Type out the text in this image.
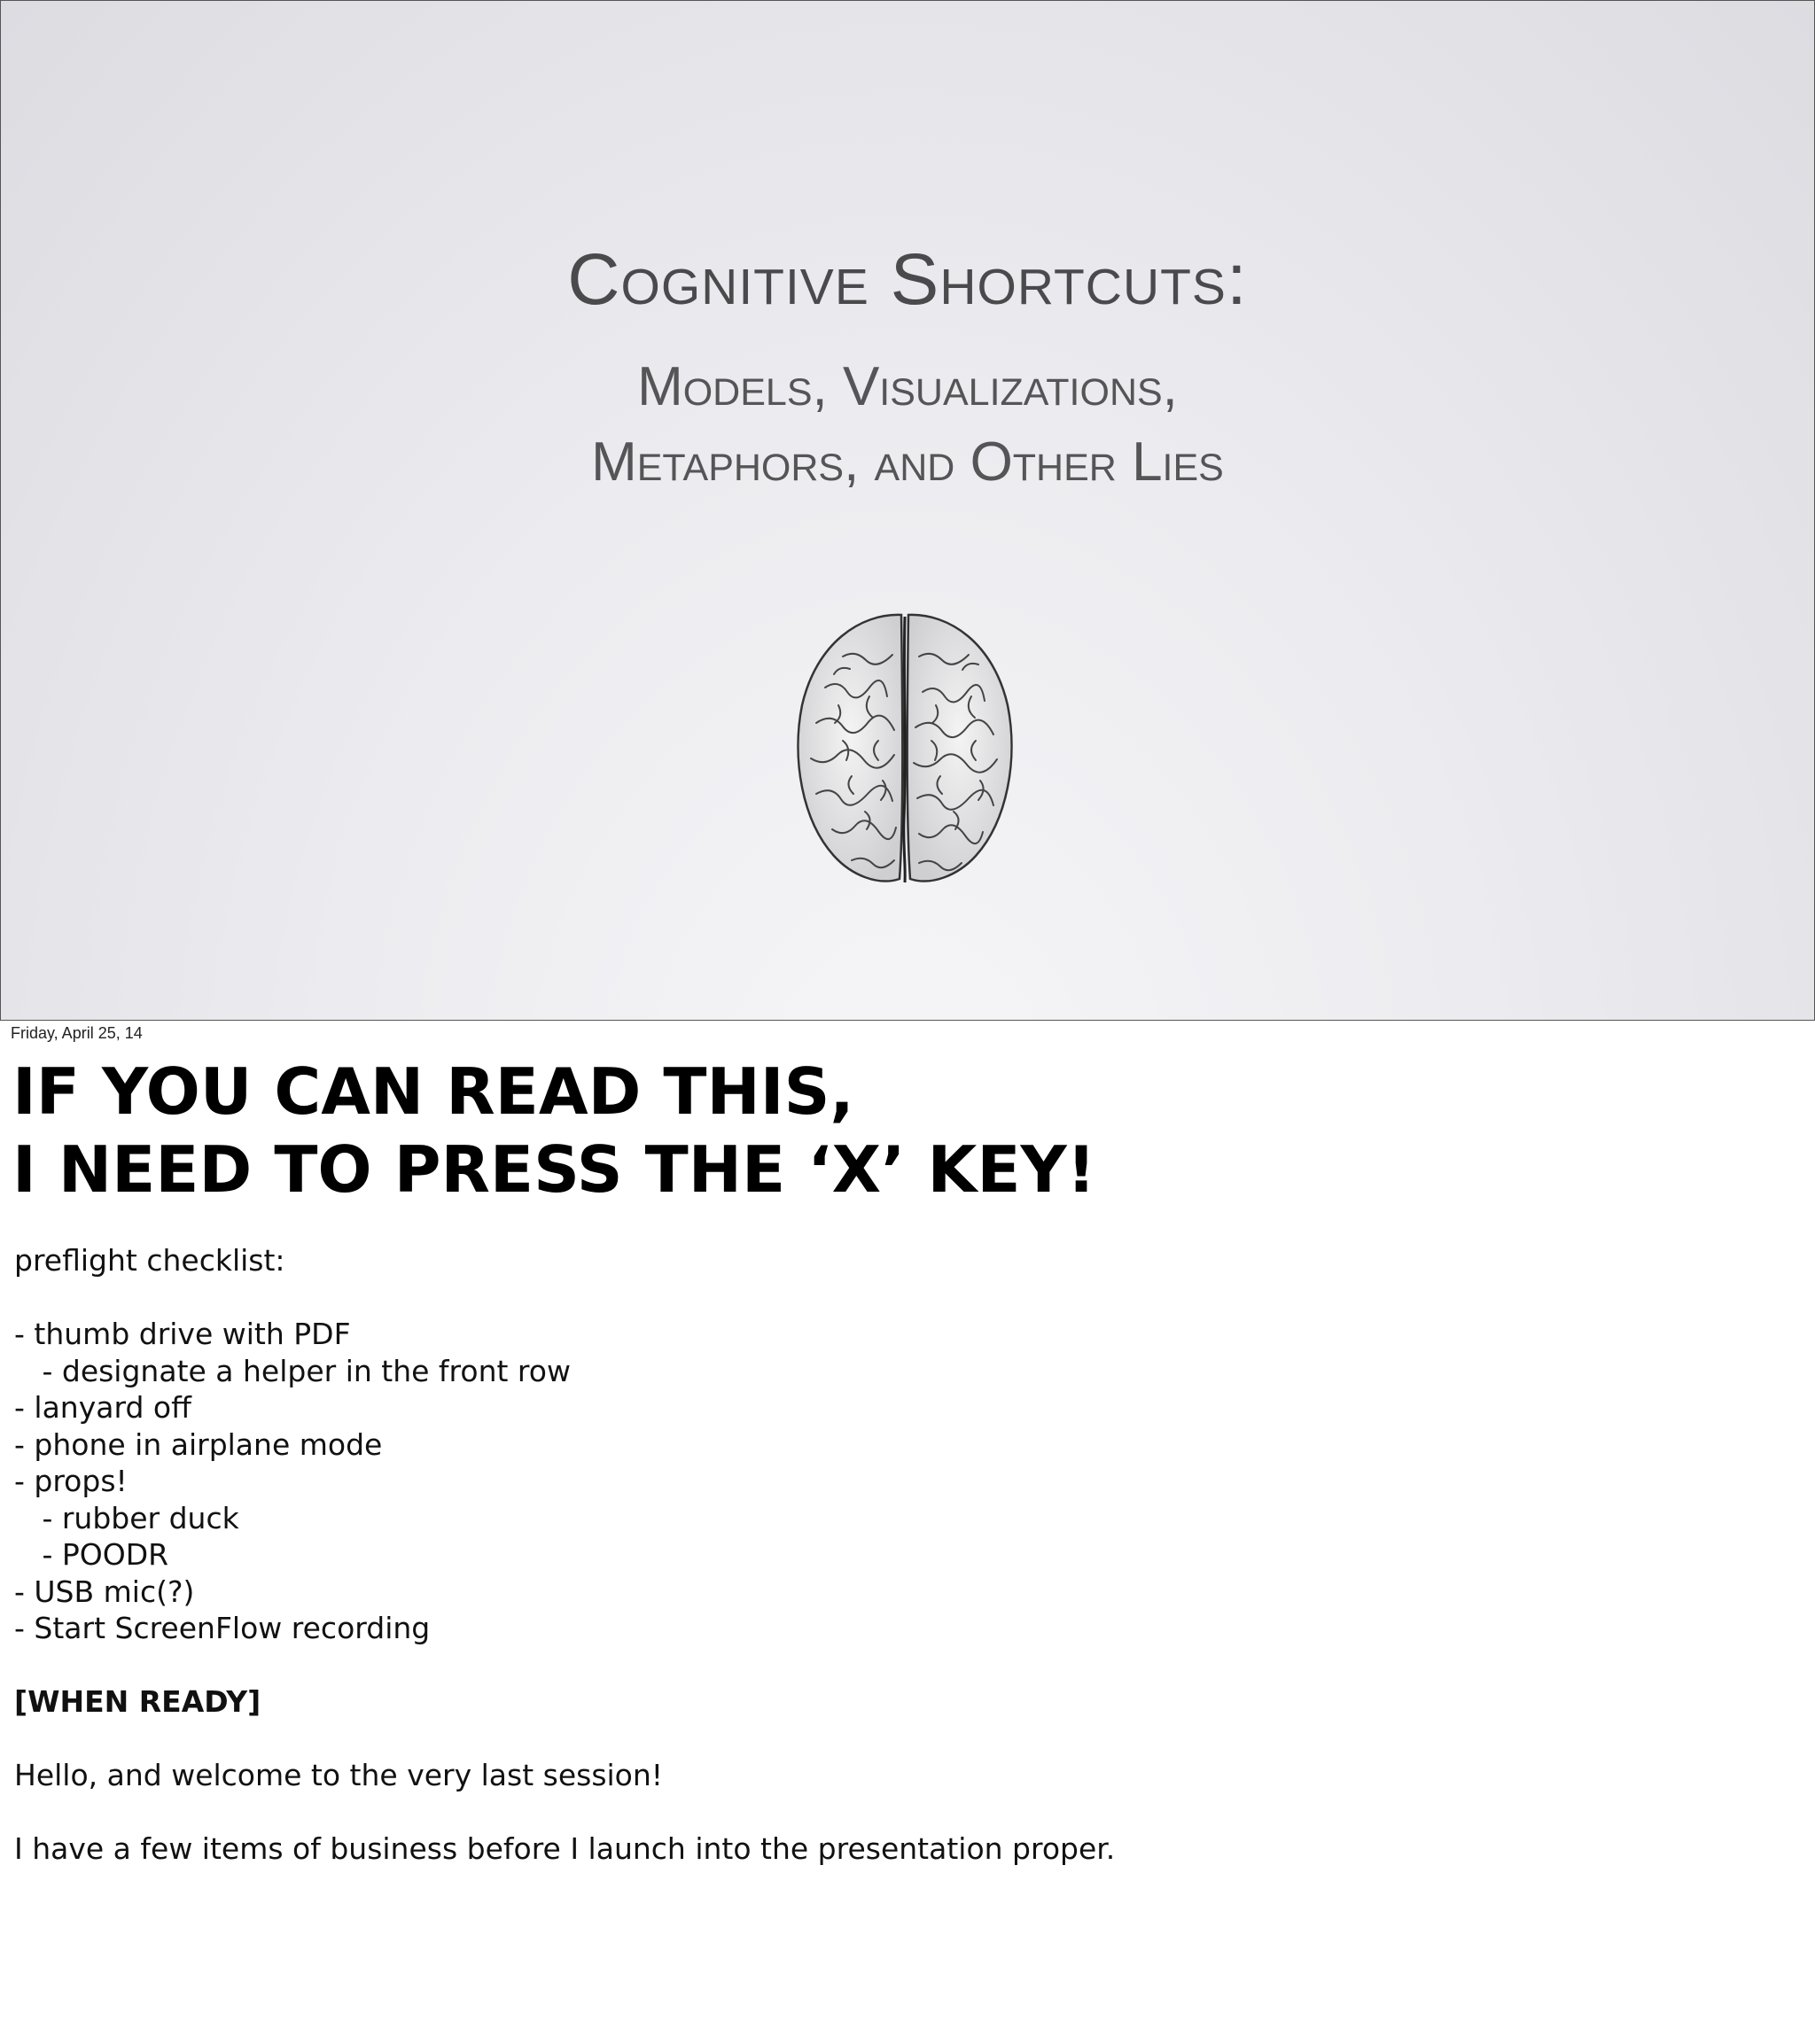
Cognitive Shortcuts:

Models, Visualizations,

Metaphors, and Other Lies

Friday, April 25, 14
IF YOU CAN READ THIS,
I NEED TO PRESS THE ‘X’ KEY!
preflight checklist:
- thumb drive with PDF
- designate a helper in the front row
- lanyard off
- phone in airplane mode
- props!
- rubber duck
- POODR
- USB mic(?)
- Start ScreenFlow recording
[WHEN READY]
Hello, and welcome to the very last session!
I have a few items of business before I launch into the presentation proper.
